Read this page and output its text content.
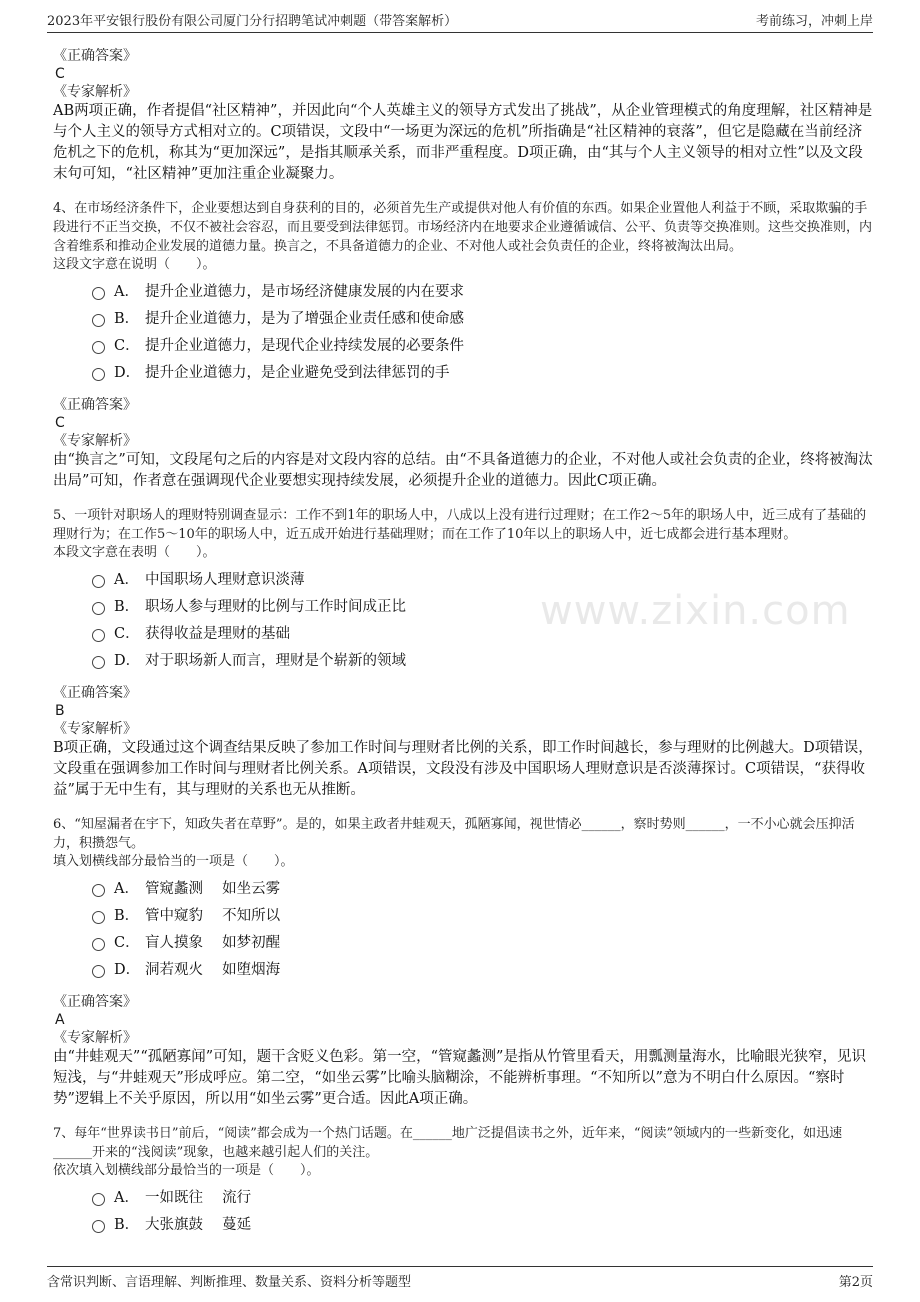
2023年平安银行股份有限公司厦门分行招聘笔试冲刺题（带答案解析）	考前练习，冲刺上岸
www.zixin.com
《正确答案》
C
《专家解析》
AB两项正确，作者提倡“社区精神”，并因此向“个人英雄主义的领导方式发出了挑战”，从企业管理模式的角度理解，社区精神是与个人主义的领导方式相对立的。C项错误，文段中“一场更为深远的危机”所指确是“社区精神的衰落”，但它是隐藏在当前经济危机之下的危机，称其为“更加深远”，是指其顺承关系，而非严重程度。D项正确，由“其与个人主义领导的相对立性”以及文段末句可知，“社区精神”更加注重企业凝聚力。
4、在市场经济条件下，企业要想达到自身获利的目的，必须首先生产或提供对他人有价值的东西。如果企业置他人利益于不顾，采取欺骗的手段进行不正当交换，不仅不被社会容忍，而且要受到法律惩罚。市场经济内在地要求企业遵循诚信、公平、负责等交换准则。这些交换准则，内含着维系和推动企业发展的道德力量。换言之，不具备道德力的企业、不对他人或社会负责任的企业，终将被淘汰出局。
这段文字意在说明（　　）。
A． 提升企业道德力，是市场经济健康发展的内在要求
B． 提升企业道德力，是为了增强企业责任感和使命感
C． 提升企业道德力，是现代企业持续发展的必要条件
D． 提升企业道德力，是企业避免受到法律惩罚的手
《正确答案》
C
《专家解析》
由“换言之”可知，文段尾句之后的内容是对文段内容的总结。由“不具备道德力的企业，不对他人或社会负责的企业，终将被淘汰出局”可知，作者意在强调现代企业要想实现持续发展，必须提升企业的道德力。因此C项正确。
5、一项针对职场人的理财特别调查显示：工作不到1年的职场人中，八成以上没有进行过理财；在工作2～5年的职场人中，近三成有了基础的理财行为；在工作5～10年的职场人中，近五成开始进行基础理财；而在工作了10年以上的职场人中，近七成都会进行基本理财。
本段文字意在表明（　　）。
A． 中国职场人理财意识淡薄
B． 职场人参与理财的比例与工作时间成正比
C． 获得收益是理财的基础
D． 对于职场新人而言，理财是个崭新的领域
《正确答案》
B
《专家解析》
B项正确，文段通过这个调查结果反映了参加工作时间与理财者比例的关系，即工作时间越长，参与理财的比例越大。D项错误，文段重在强调参加工作时间与理财者比例关系。A项错误，文段没有涉及中国职场人理财意识是否淡薄探讨。C项错误，“获得收益”属于无中生有，其与理财的关系也无从推断。
6、“知屋漏者在宇下，知政失者在草野”。是的，如果主政者井蛙观天，孤陋寡闻，视世情必______，察时势则______，一不小心就会压抑活力，积攒怨气。
填入划横线部分最恰当的一项是（　　）。
A． 管窥蠡测　 如坐云雾
B． 管中窥豹　 不知所以
C． 盲人摸象　 如梦初醒
D． 洞若观火　 如堕烟海
《正确答案》
A
《专家解析》
由“井蛙观天”“孤陋寡闻”可知，题干含贬义色彩。第一空，“管窥蠡测”是指从竹管里看天，用瓢测量海水，比喻眼光狭窄，见识短浅，与“井蛙观天”形成呼应。第二空，“如坐云雾”比喻头脑糊涂，不能辨析事理。“不知所以”意为不明白什么原因。“察时势”逻辑上不关乎原因，所以用“如坐云雾”更合适。因此A项正确。
7、每年“世界读书日”前后，“阅读”都会成为一个热门话题。在______地广泛提倡读书之外，近年来，“阅读”领域内的一些新变化，如迅速______开来的“浅阅读”现象，也越来越引起人们的关注。
依次填入划横线部分最恰当的一项是（　　）。
A． 一如既往　 流行
B． 大张旗鼓　 蔓延
含常识判断、言语理解、判断推理、数量关系、资料分析等题型	第2页
